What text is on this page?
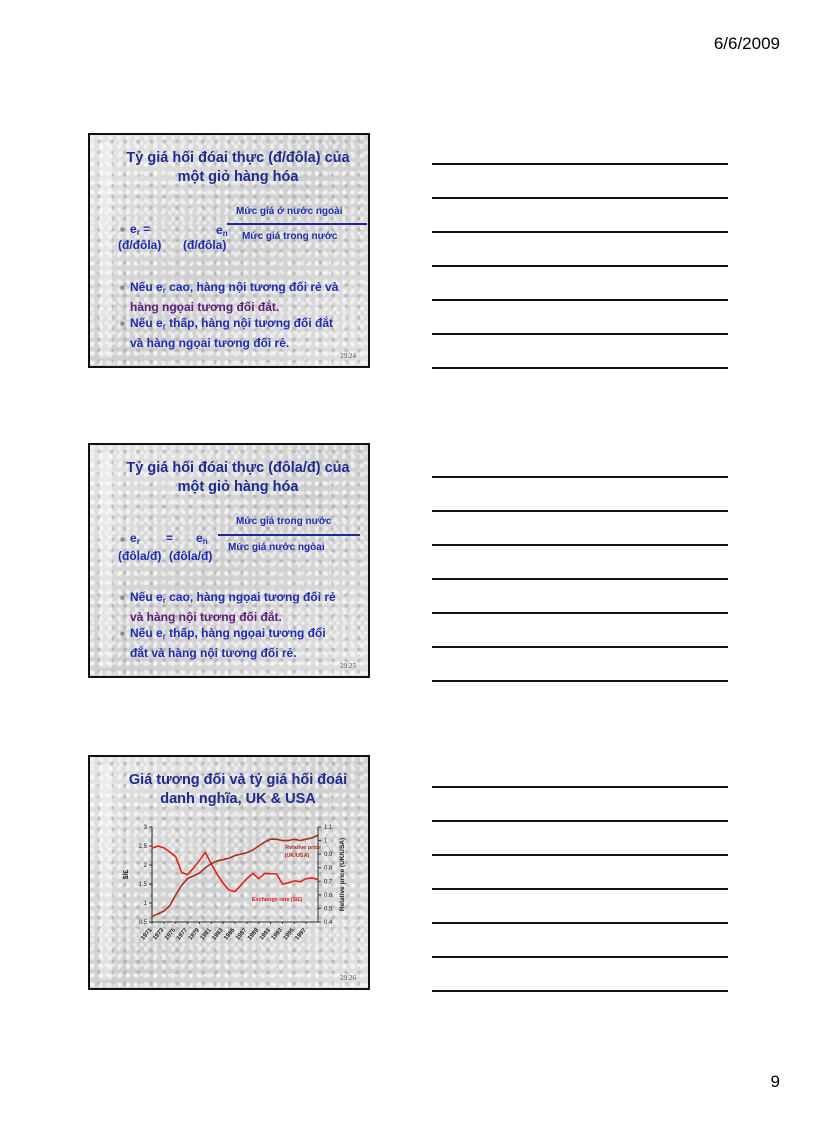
6/6/2009
Tỷ giá hối đóai thực (đ/đôla) của
một giỏ hàng hóa
■ $e_r$ =	$e_n$
Mức giá ở nước ngoài
Mức giá trong nước
(đ/đôla) (đ/đôla)
■ Nếu $e_r$ cao, hàng nội tương đối rẻ và
hàng ngọai tương đối đắt.
■ Nếu $e_r$ thấp, hàng nội tương đối đắt
và hàng ngọai tương đối rẻ.
29.24
Tỷ giá hối đóai thực (đôla/đ) của
một giỏ hàng hóa
■ $e_r = e_n$
Mức giá trong nước
Mức giá nước ngòai
(đôla/đ) (đôla/đ)
■ Nếu $e_r$ cao, hàng ngọai tương đối rẻ
và hàng nội tương đối đắt.
■ Nếu $e_r$ thấp, hàng ngọai tương đối
đắt và hàng nội tương đối rẻ.
29.25
Giá tương đối và tỷ giá hối đoái
danh nghĩa, UK & USA
3
2.5
2
1.5
1
0.5
1.1
1
0.9
0.8
0.7
0.6
0.5
0.4
1971
1973
1975
1977
1979
1981
1983
1985
1987
1989
1991
1993
1995
1997
$/£	Relative price (UK/USA)
Relative price (UK/USA)
Exchange rate ($/£)
29.26
9
